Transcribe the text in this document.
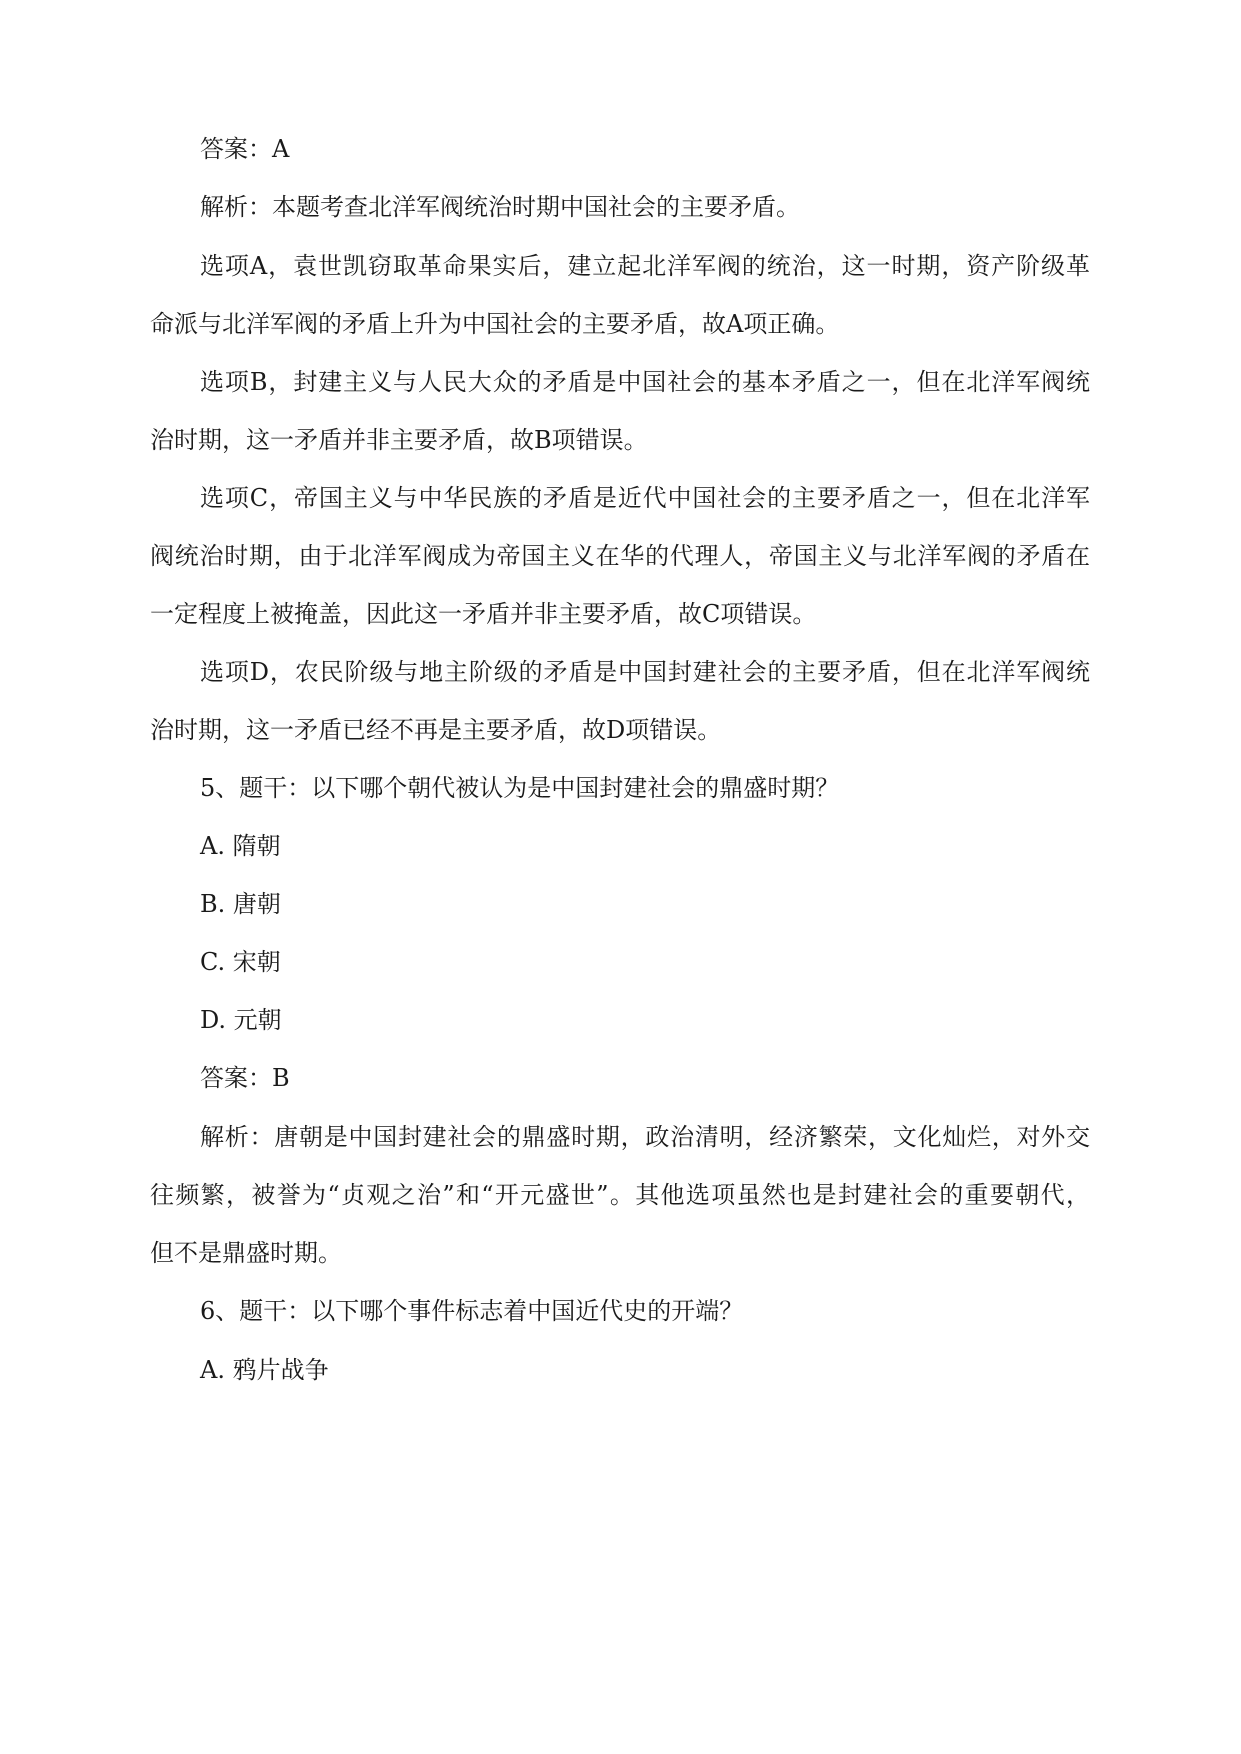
答案：A
解析：本题考查北洋军阀统治时期中国社会的主要矛盾。
选项A，袁世凯窃取革命果实后，建立起北洋军阀的统治，这一时期，资产阶级革
命派与北洋军阀的矛盾上升为中国社会的主要矛盾，故A项正确。
选项B，封建主义与人民大众的矛盾是中国社会的基本矛盾之一，但在北洋军阀统
治时期，这一矛盾并非主要矛盾，故B项错误。
选项C，帝国主义与中华民族的矛盾是近代中国社会的主要矛盾之一，但在北洋军
阀统治时期，由于北洋军阀成为帝国主义在华的代理人，帝国主义与北洋军阀的矛盾在
一定程度上被掩盖，因此这一矛盾并非主要矛盾，故C项错误。
选项D，农民阶级与地主阶级的矛盾是中国封建社会的主要矛盾，但在北洋军阀统
治时期，这一矛盾已经不再是主要矛盾，故D项错误。
5、题干：以下哪个朝代被认为是中国封建社会的鼎盛时期？
A. 隋朝
B. 唐朝
C. 宋朝
D. 元朝
答案：B
解析：唐朝是中国封建社会的鼎盛时期，政治清明，经济繁荣，文化灿烂，对外交
往频繁，被誉为“贞观之治”和“开元盛世”。其他选项虽然也是封建社会的重要朝代，
但不是鼎盛时期。
6、题干：以下哪个事件标志着中国近代史的开端？
A. 鸦片战争
